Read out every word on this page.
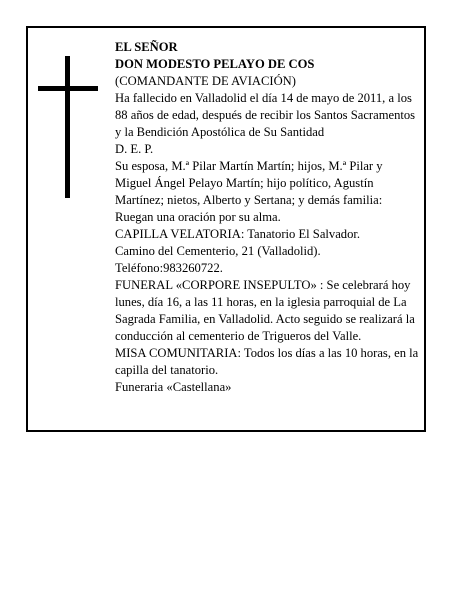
EL SEÑOR

DON MODESTO PELAYO DE COS

(COMANDANTE DE AVIACIÓN)

Ha fallecido en Valladolid el día 14 de mayo de 2011, a los 88 años de edad, después de recibir los Santos Sacramentos y la Bendición Apostólica de Su Santidad

D. E. P.

Su esposa, M.ª Pilar Martín Martín; hijos, M.ª Pilar y Miguel Ángel Pelayo Martín; hijo político, Agustín Martínez; nietos, Alberto y Sertana; y demás familia:

Ruegan una oración por su alma.

CAPILLA VELATORIA: Tanatorio El Salvador.

Camino del Cementerio, 21 (Valladolid).

Teléfono:983260722.

FUNERAL «CORPORE INSEPULTO» : Se celebrará hoy lunes, día 16, a las 11 horas, en la iglesia parroquial de La Sagrada Familia, en Valladolid. Acto seguido se realizará la conducción al cementerio de Trigueros del Valle.

MISA COMUNITARIA: Todos los días a las 10 horas, en la capilla del tanatorio.

Funeraria «Castellana»
